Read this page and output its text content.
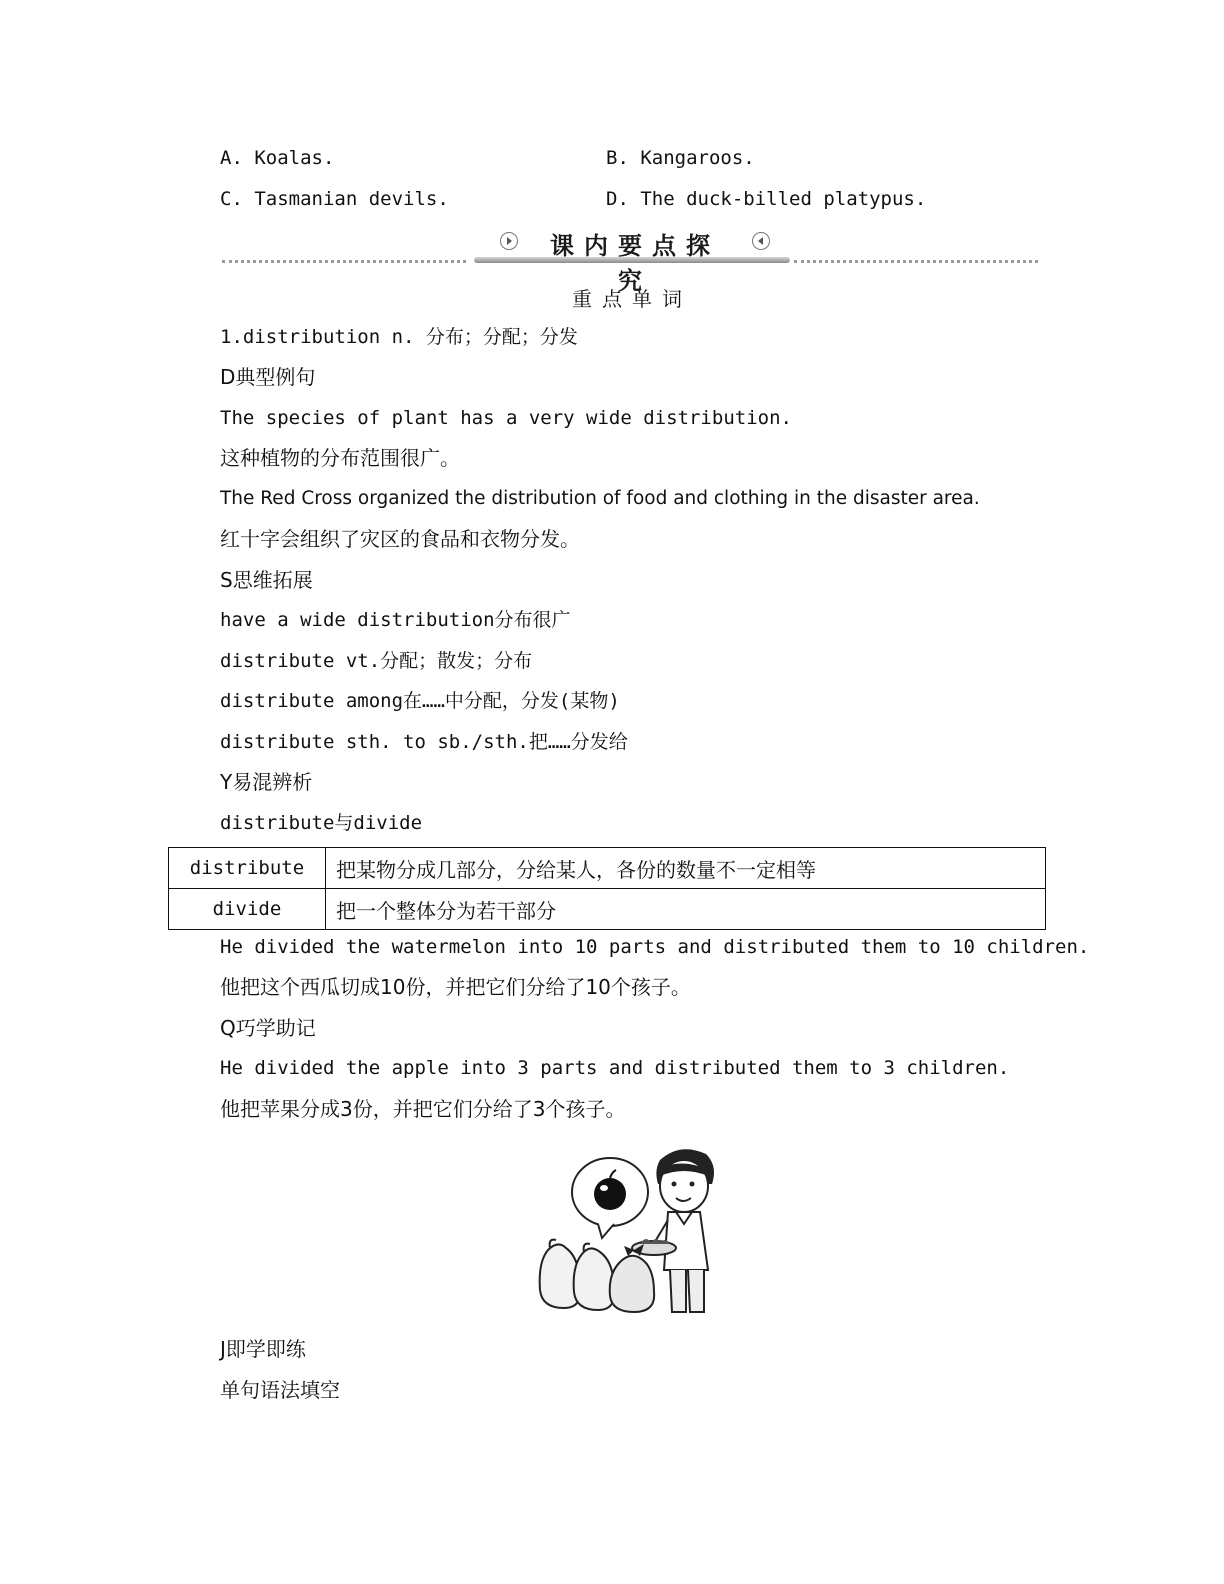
A. Koalas.	B. Kangaroos.
C. Tasmanian devils.	D. The duck-billed platypus.
课内要点探究
重点单词
1.distribution n. 分布；分配；分发
D典型例句
The species of plant has a very wide distribution.
这种植物的分布范围很广。
The Red Cross organized the distribution of food and clothing in the disaster area.
红十字会组织了灾区的食品和衣物分发。
S思维拓展
have a wide distribution分布很广
distribute vt.分配；散发；分布
distribute among在……中分配，分发(某物)
distribute sth. to sb./sth.把……分发给
Y易混辨析
distribute与divide
distribute	把某物分成几部分，分给某人，各份的数量不一定相等
divide	把一个整体分为若干部分
He divided the watermelon into 10 parts and distributed them to 10 children.
他把这个西瓜切成10份，并把它们分给了10个孩子。
Q巧学助记
He divided the apple into 3 parts and distributed them to 3 children.
他把苹果分成3份，并把它们分给了3个孩子。
J即学即练
单句语法填空
